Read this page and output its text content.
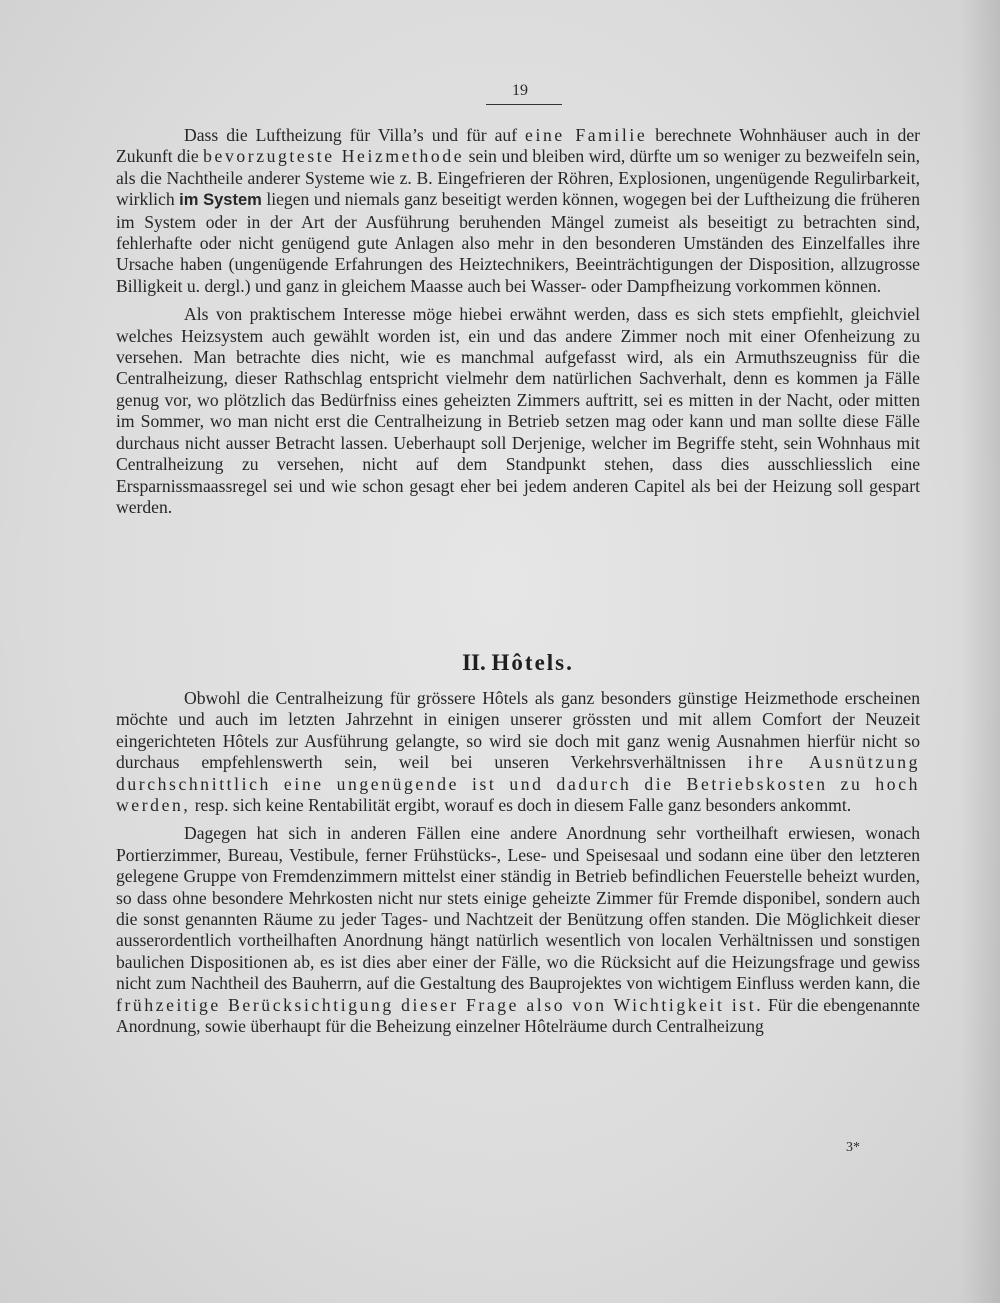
19

Dass die Luftheizung für Villa’s und für auf eine Familie berechnete Wohnhäuser auch in der Zukunft die bevorzugteste Heizmethode sein und bleiben wird, dürfte um so weniger zu bezweifeln sein, als die Nachtheile anderer Systeme wie z. B. Eingefrieren der Röhren, Explosionen, ungenügende Regulirbarkeit, wirklich im System liegen und niemals ganz beseitigt werden können, wogegen bei der Luftheizung die früheren im System oder in der Art der Ausführung beruhenden Mängel zumeist als beseitigt zu betrachten sind, fehlerhafte oder nicht genügend gute Anlagen also mehr in den besonderen Umständen des Einzelfalles ihre Ursache haben (ungenügende Erfahrungen des Heiztechnikers, Beeinträchtigungen der Disposition, allzugrosse Billigkeit u. dergl.) und ganz in gleichem Maasse auch bei Wasser- oder Dampfheizung vorkommen können.

Als von praktischem Interesse möge hiebei erwähnt werden, dass es sich stets empfiehlt, gleichviel welches Heizsystem auch gewählt worden ist, ein und das andere Zimmer noch mit einer Ofenheizung zu versehen. Man betrachte dies nicht, wie es manchmal aufgefasst wird, als ein Armuthszeugniss für die Centralheizung, dieser Rathschlag entspricht vielmehr dem natürlichen Sachverhalt, denn es kommen ja Fälle genug vor, wo plötzlich das Bedürfniss eines geheizten Zimmers auftritt, sei es mitten in der Nacht, oder mitten im Sommer, wo man nicht erst die Centralheizung in Betrieb setzen mag oder kann und man sollte diese Fälle durchaus nicht ausser Betracht lassen. Ueberhaupt soll Derjenige, welcher im Begriffe steht, sein Wohnhaus mit Centralheizung zu versehen, nicht auf dem Standpunkt stehen, dass dies ausschliesslich eine Ersparnissmaassregel sei und wie schon gesagt eher bei jedem anderen Capitel als bei der Heizung soll gespart werden.

II. Hôtels.

Obwohl die Centralheizung für grössere Hôtels als ganz besonders günstige Heizmethode erscheinen möchte und auch im letzten Jahrzehnt in einigen unserer grössten und mit allem Comfort der Neuzeit eingerichteten Hôtels zur Ausführung gelangte, so wird sie doch mit ganz wenig Ausnahmen hierfür nicht so durchaus empfehlenswerth sein, weil bei unseren Verkehrsverhältnissen ihre Ausnützung durchschnittlich eine ungenügende ist und dadurch die Betriebskosten zu hoch werden, resp. sich keine Rentabilität ergibt, worauf es doch in diesem Falle ganz besonders ankommt.

Dagegen hat sich in anderen Fällen eine andere Anordnung sehr vortheilhaft erwiesen, wonach Portierzimmer, Bureau, Vestibule, ferner Frühstücks-, Lese- und Speisesaal und sodann eine über den letzteren gelegene Gruppe von Fremdenzimmern mittelst einer ständig in Betrieb befindlichen Feuerstelle beheizt wurden, so dass ohne besondere Mehrkosten nicht nur stets einige geheizte Zimmer für Fremde disponibel, sondern auch die sonst genannten Räume zu jeder Tages- und Nachtzeit der Benützung offen standen. Die Möglichkeit dieser ausserordentlich vortheilhaften Anordnung hängt natürlich wesentlich von localen Verhältnissen und sonstigen baulichen Dispositionen ab, es ist dies aber einer der Fälle, wo die Rücksicht auf die Heizungsfrage und gewiss nicht zum Nachtheil des Bauherrn, auf die Gestaltung des Bauprojektes von wichtigem Einfluss werden kann, die frühzeitige Berücksichtigung dieser Frage also von Wichtigkeit ist. Für die ebengenannte Anordnung, sowie überhaupt für die Beheizung einzelner Hôtelräume durch Centralheizung

3*
